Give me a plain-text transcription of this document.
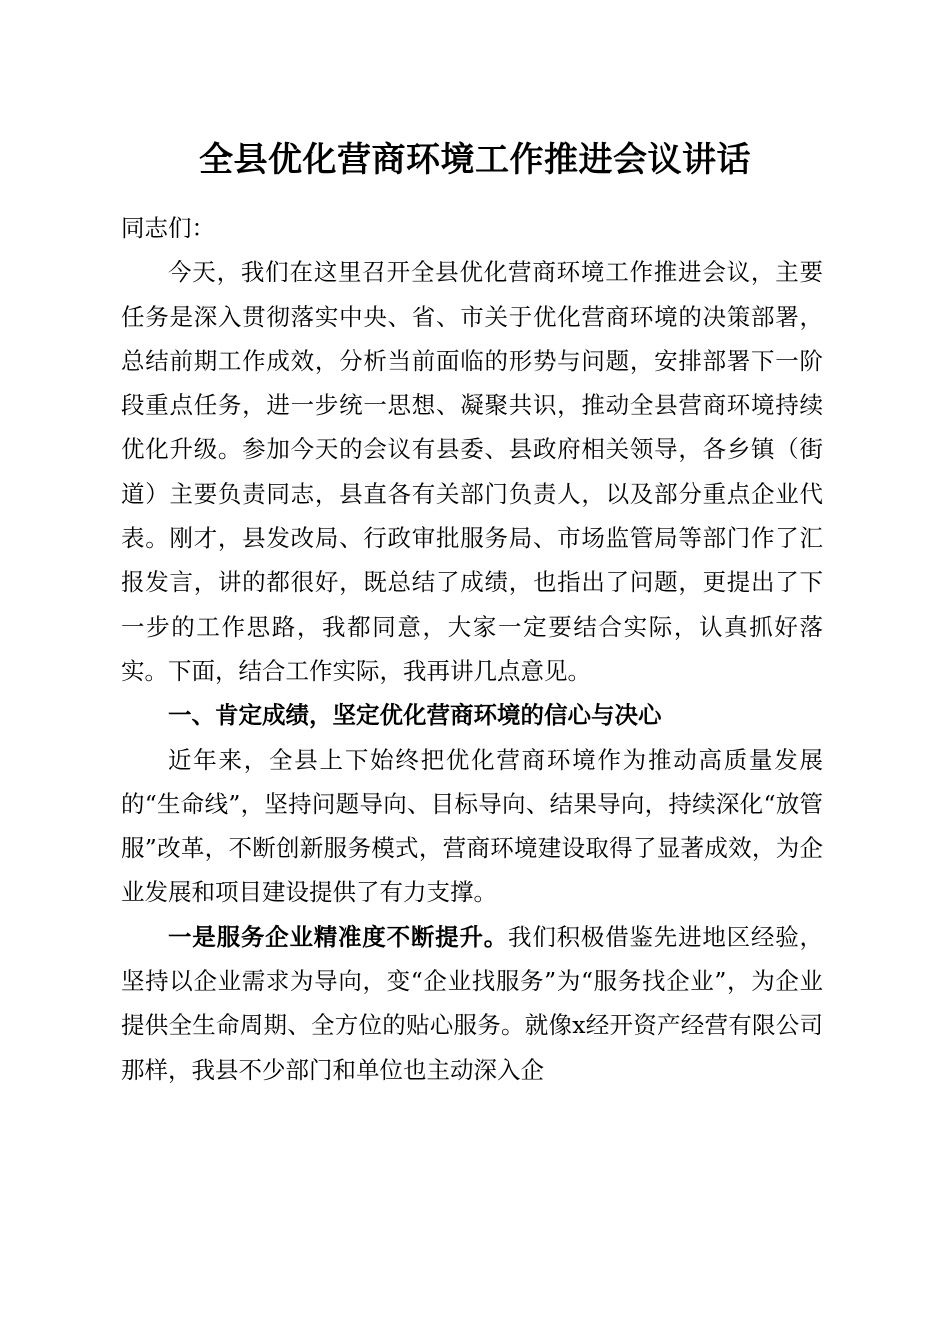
全县优化营商环境工作推进会议讲话

同志们：

今天，我们在这里召开全县优化营商环境工作推进会议，主要任务是深入贯彻落实中央、省、市关于优化营商环境的决策部署，总结前期工作成效，分析当前面临的形势与问题，安排部署下一阶段重点任务，进一步统一思想、凝聚共识，推动全县营商环境持续优化升级。参加今天的会议有县委、县政府相关领导，各乡镇（街道）主要负责同志，县直各有关部门负责人，以及部分重点企业代表。刚才，县发改局、行政审批服务局、市场监管局等部门作了汇报发言，讲的都很好，既总结了成绩，也指出了问题，更提出了下一步的工作思路，我都同意，大家一定要结合实际，认真抓好落实。下面，结合工作实际，我再讲几点意见。

一、肯定成绩，坚定优化营商环境的信心与决心

近年来，全县上下始终把优化营商环境作为推动高质量发展的“生命线”，坚持问题导向、目标导向、结果导向，持续深化“放管服”改革，不断创新服务模式，营商环境建设取得了显著成效，为企业发展和项目建设提供了有力支撑。

一是服务企业精准度不断提升。我们积极借鉴先进地区经验，坚持以企业需求为导向，变“企业找服务”为“服务找企业”，为企业提供全生命周期、全方位的贴心服务。就像x经开资产经营有限公司那样，我县不少部门和单位也主动深入企
